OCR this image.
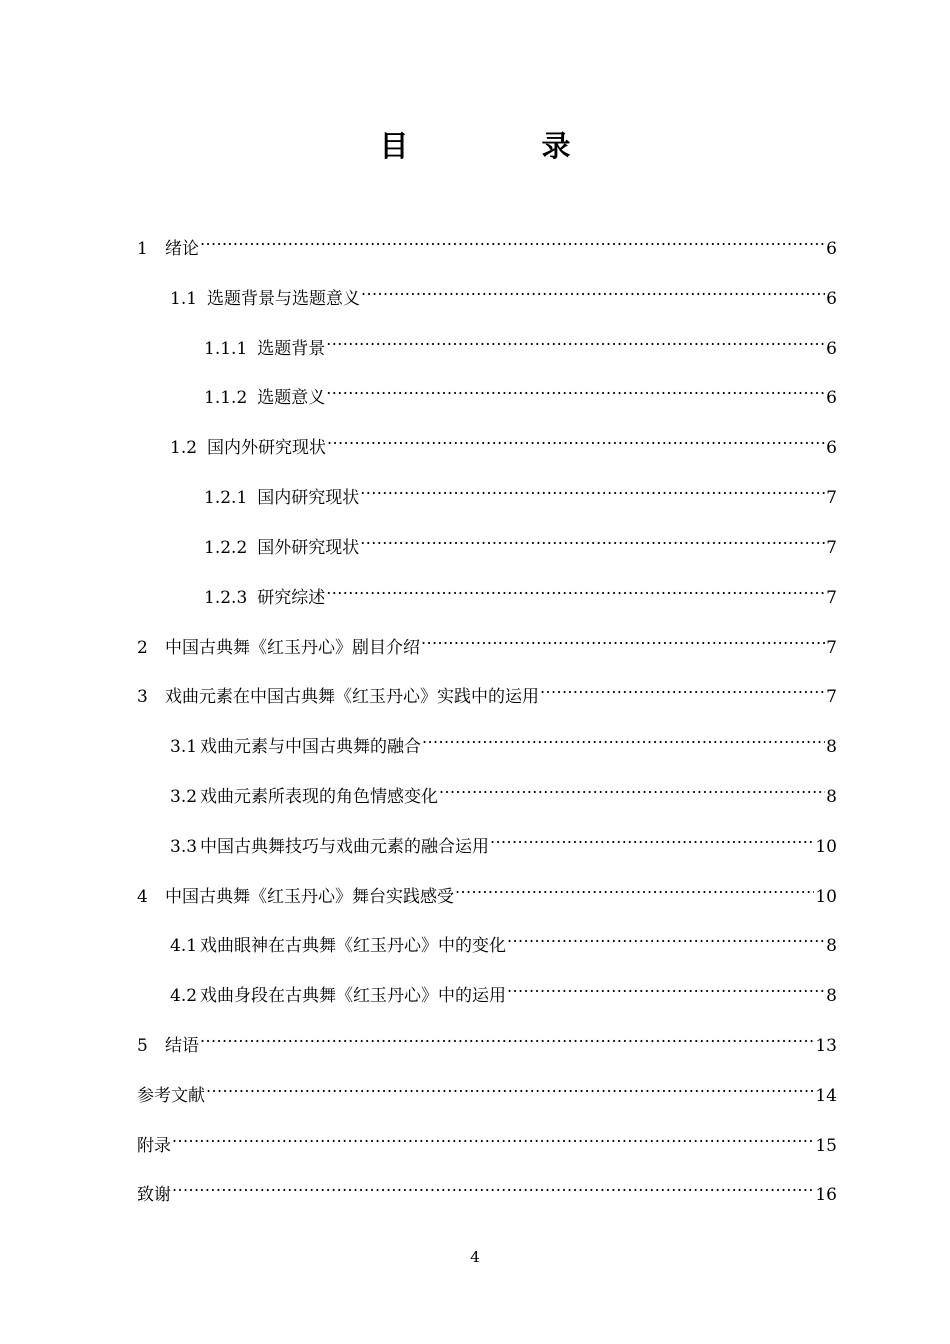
目　录
1	绪论 .....	6
1.1 选题背景与选题意义 .....	6
1.1.1 选题背景 .....	6
1.1.2 选题意义 .....	6
1.2 国内外研究现状 .....	6
1.2.1 国内研究现状 .....	7
1.2.2 国外研究现状 .....	7
1.2.3 研究综述 .....	7
2	中国古典舞《红玉丹心》剧目介绍 .....	7
3	戏曲元素在中国古典舞《红玉丹心》实践中的运用 .....	7
3.1 戏曲元素与中国古典舞的融合 .....	8
3.2 戏曲元素所表现的角色情感变化 .....	8
3.3 中国古典舞技巧与戏曲元素的融合运用 .....	10
4	中国古典舞《红玉丹心》舞台实践感受 .....	10
4.1 戏曲眼神在古典舞《红玉丹心》中的变化 .....	8
4.2 戏曲身段在古典舞《红玉丹心》中的运用 .....	8
5	结语 .....	13
参考文献 .....	14
附录 .....	15
致谢 .....	16
4
